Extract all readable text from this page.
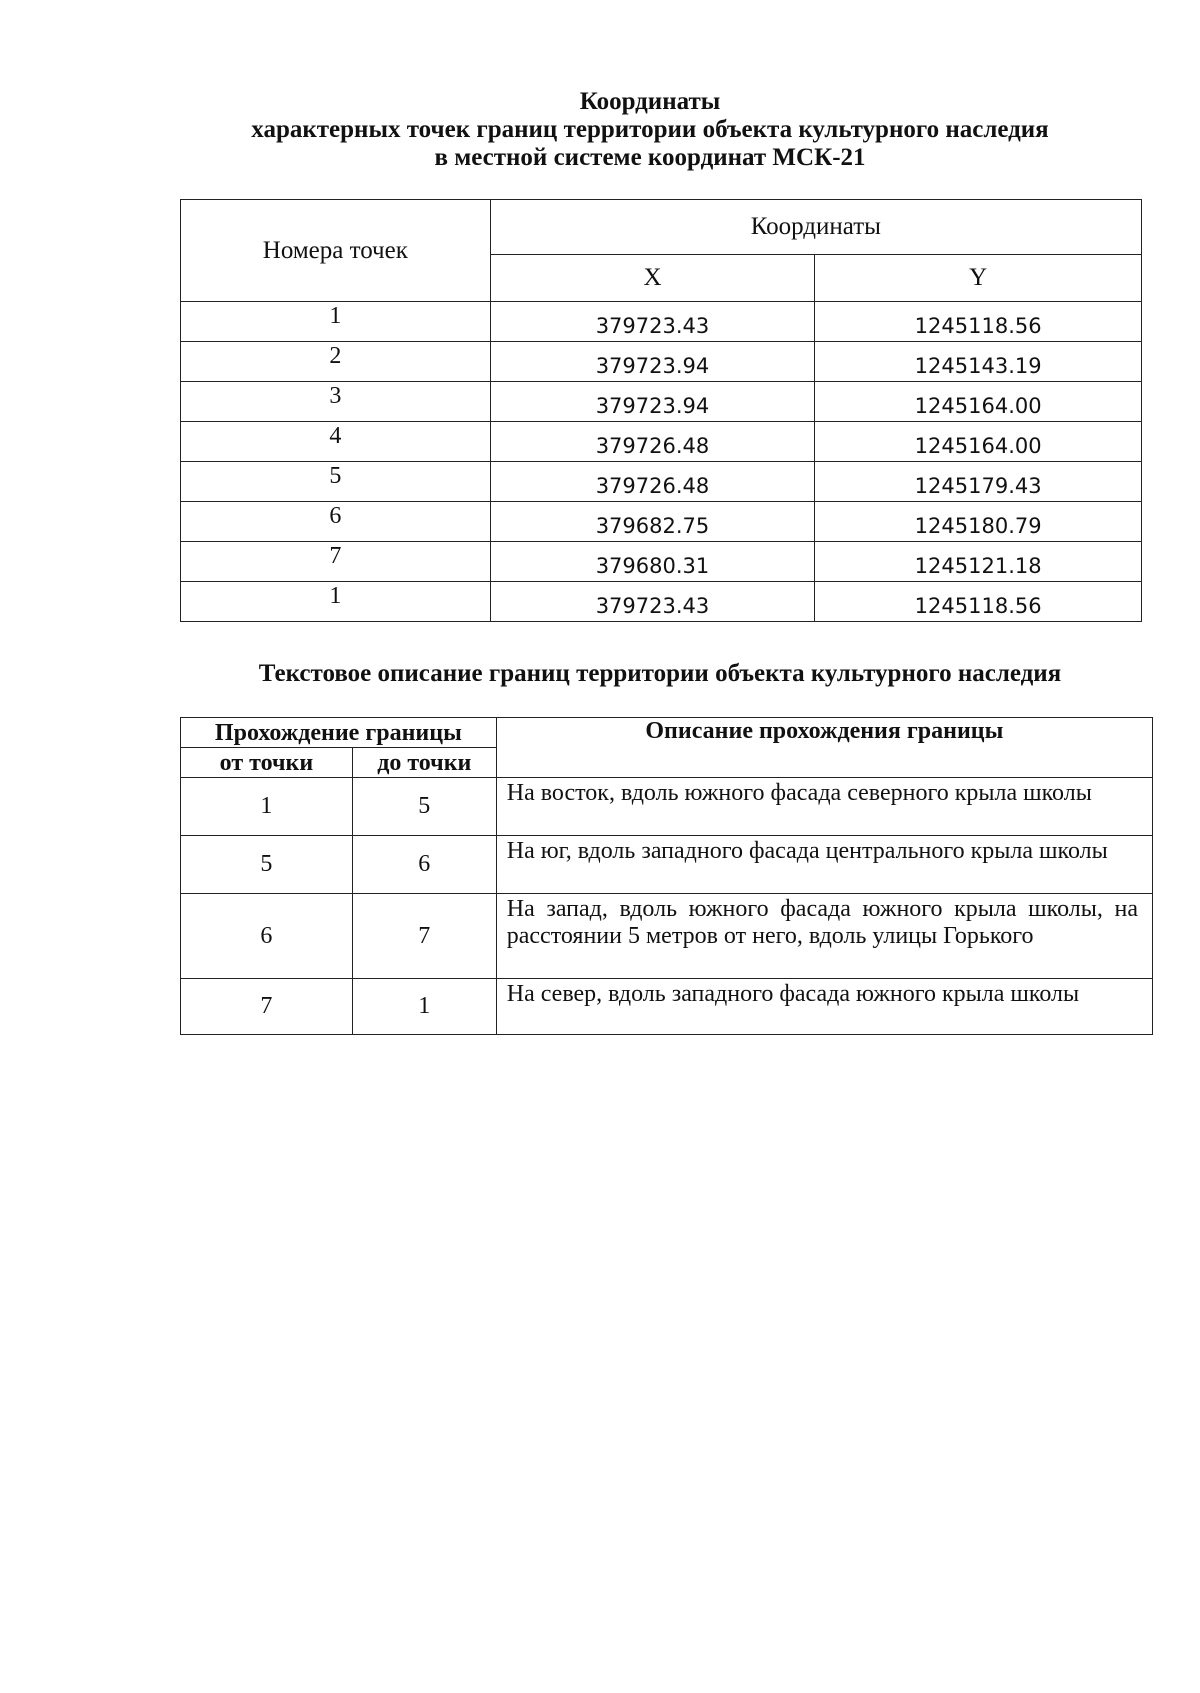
Координаты
характерных точек границ территории объекта культурного наследия
в местной системе координат МСК-21
Номера точек	Координаты	
	X	Y
1	379723.43	1245118.56
2	379723.94	1245143.19
3	379723.94	1245164.00
4	379726.48	1245164.00
5	379726.48	1245179.43
6	379682.75	1245180.79
7	379680.31	1245121.18
1	379723.43	1245118.56
Текстовое описание границ территории объекта культурного наследия
Прохождение границы		Описание прохождения границы
от точки	до точки	
1	5	На восток, вдоль южного фасада северного крыла школы
5	6	На юг, вдоль западного фасада центрального крыла школы
6	7	На запад, вдоль южного фасада южного крыла школы, на расстоянии 5 метров от него, вдоль улицы Горького
7	1	На север, вдоль западного фасада южного крыла школы
